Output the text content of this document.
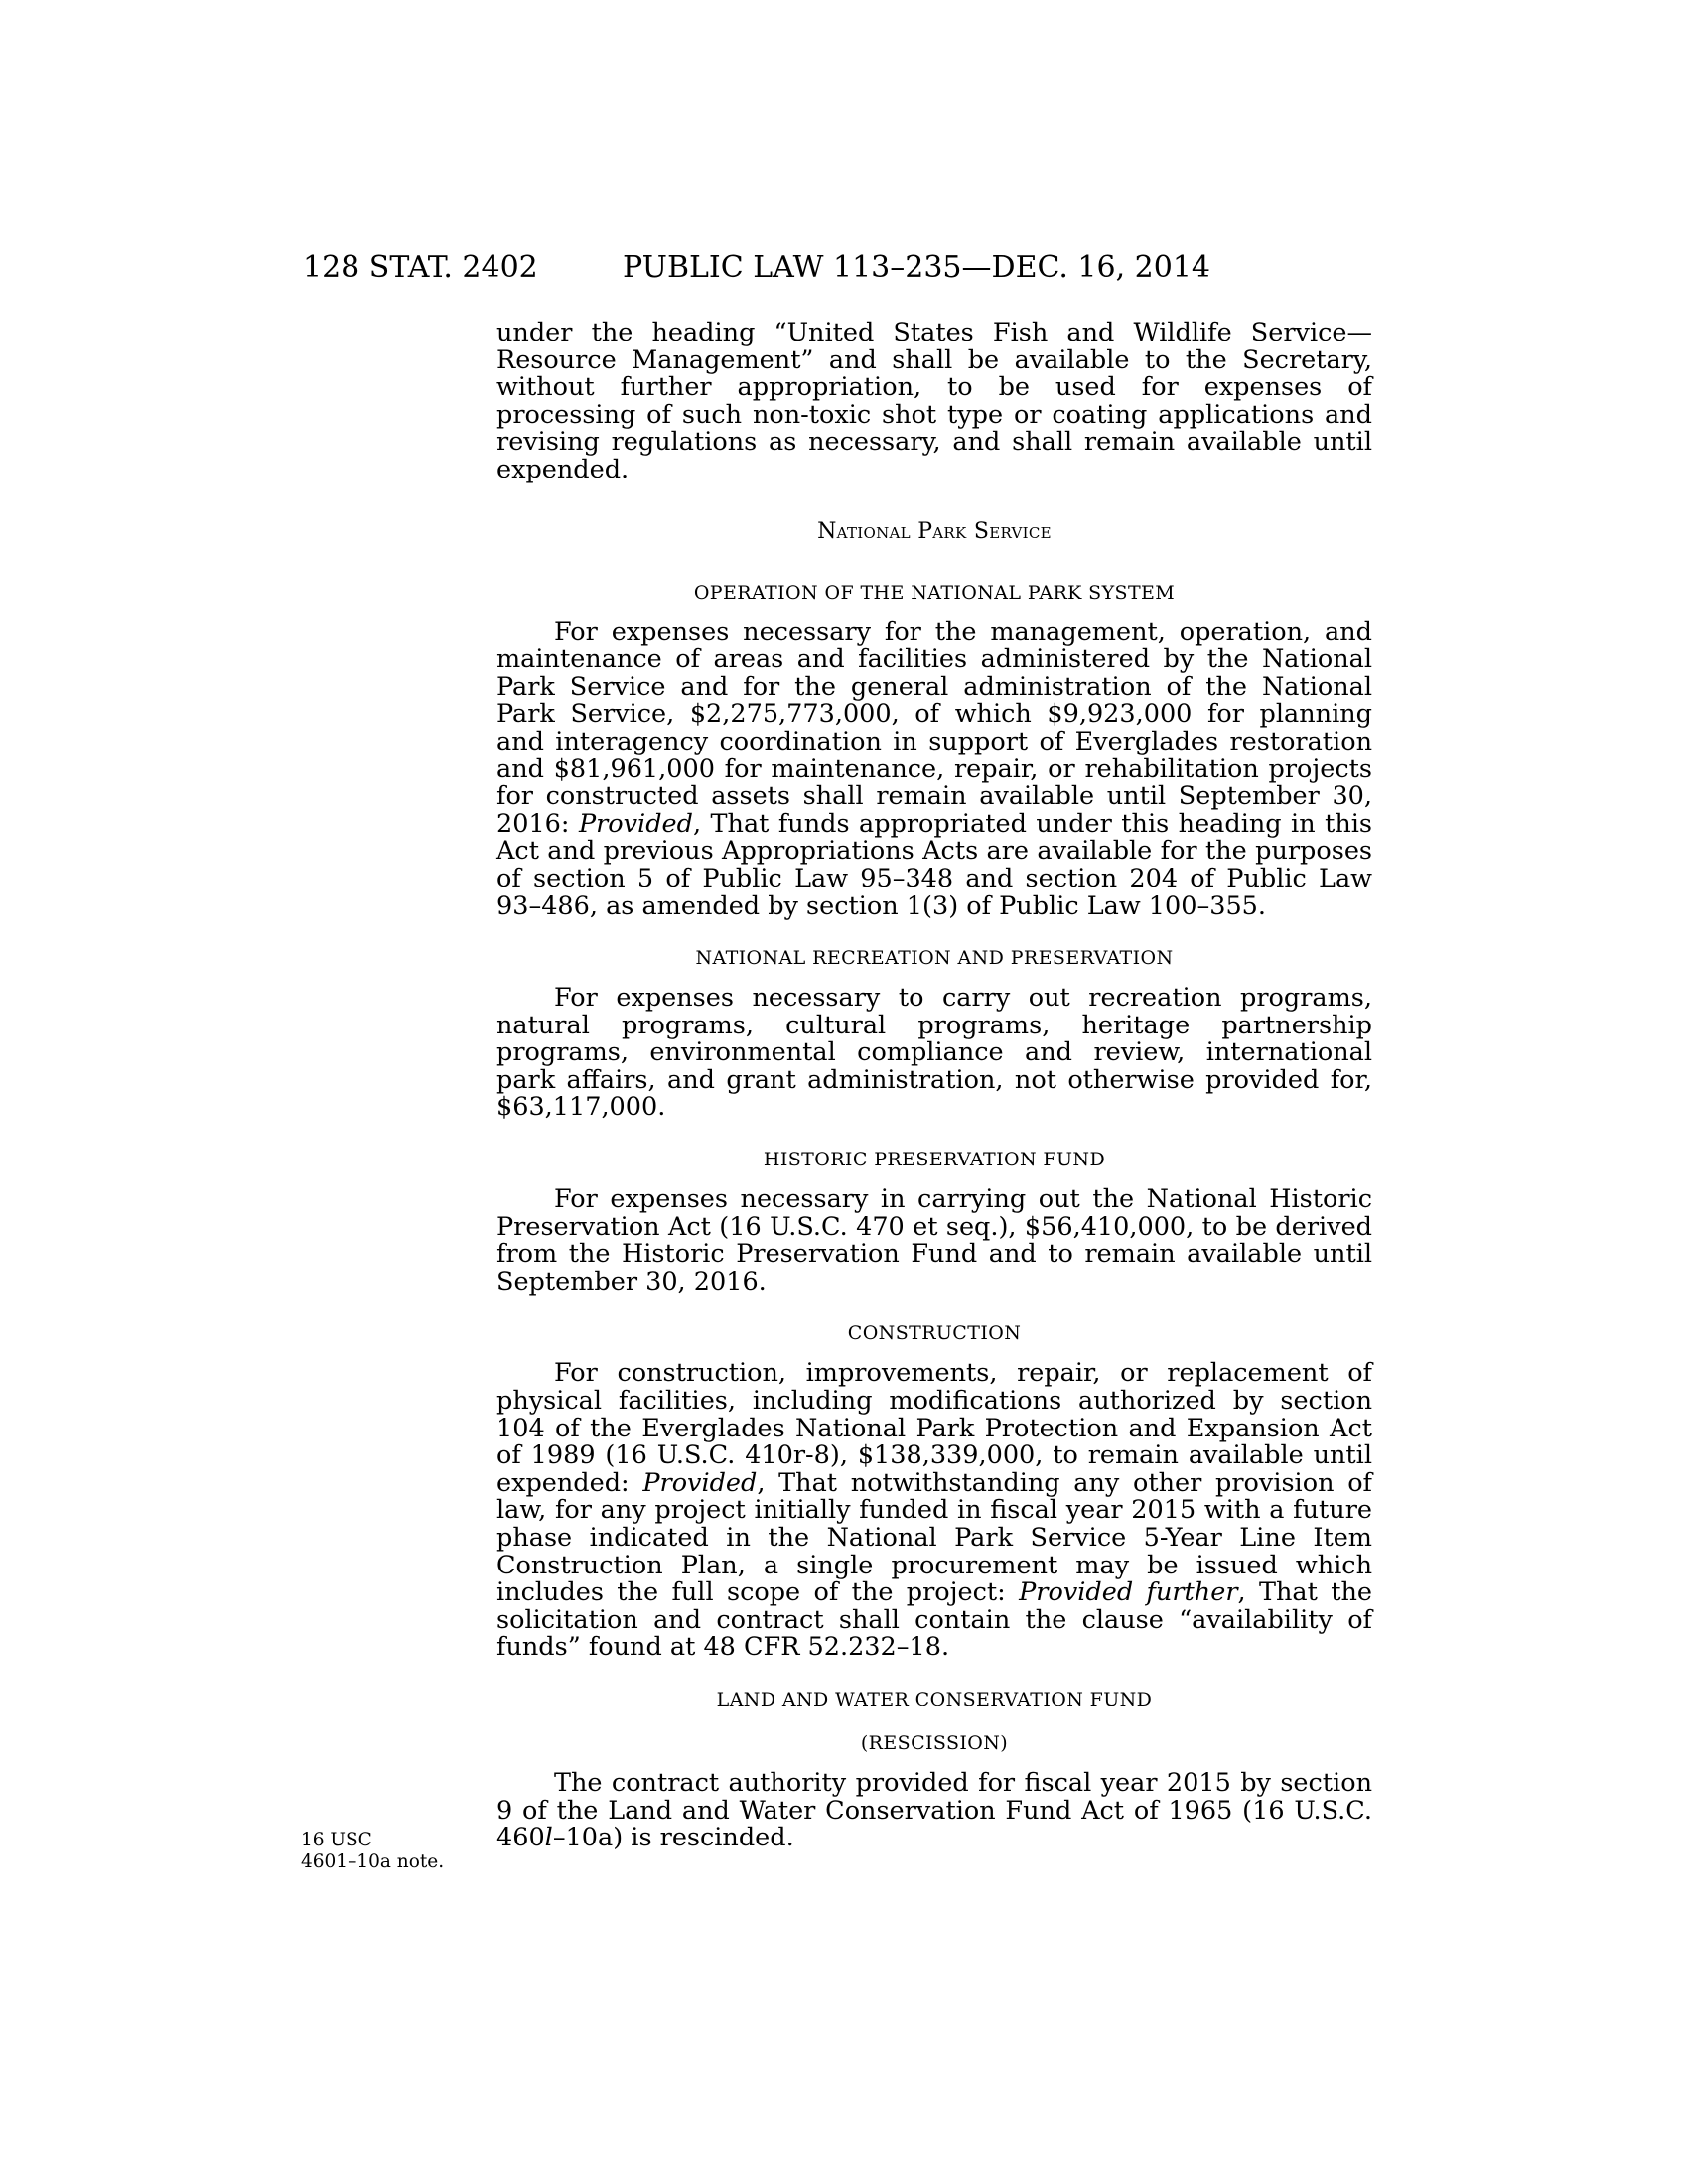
128 STAT. 2402	PUBLIC LAW 113–235—DEC. 16, 2014

under the heading “United States Fish and Wildlife Service— Resource Management” and shall be available to the Secretary, without further appropriation, to be used for expenses of processing of such non-toxic shot type or coating applications and revising regulations as necessary, and shall remain available until expended.

National Park Service
OPERATION OF THE NATIONAL PARK SYSTEM

For expenses necessary for the management, operation, and maintenance of areas and facilities administered by the National Park Service and for the general administration of the National Park Service, $2,275,773,000, of which $9,923,000 for planning and interagency coordination in support of Everglades restoration and $81,961,000 for maintenance, repair, or rehabilitation projects for constructed assets shall remain available until September 30, 2016: Provided, That funds appropriated under this heading in this Act and previous Appropriations Acts are available for the purposes of section 5 of Public Law 95–348 and section 204 of Public Law 93–486, as amended by section 1(3) of Public Law 100–355.

NATIONAL RECREATION AND PRESERVATION

For expenses necessary to carry out recreation programs, natural programs, cultural programs, heritage partnership programs, environmental compliance and review, international park affairs, and grant administration, not otherwise provided for, $63,117,000.

HISTORIC PRESERVATION FUND

For expenses necessary in carrying out the National Historic Preservation Act (16 U.S.C. 470 et seq.), $56,410,000, to be derived from the Historic Preservation Fund and to remain available until September 30, 2016.

CONSTRUCTION

For construction, improvements, repair, or replacement of physical facilities, including modifications authorized by section 104 of the Everglades National Park Protection and Expansion Act of 1989 (16 U.S.C. 410r-8), $138,339,000, to remain available until expended: Provided, That notwithstanding any other provision of law, for any project initially funded in fiscal year 2015 with a future phase indicated in the National Park Service 5-Year Line Item Construction Plan, a single procurement may be issued which includes the full scope of the project: Provided further, That the solicitation and contract shall contain the clause “availability of funds” found at 48 CFR 52.232–18.

LAND AND WATER CONSERVATION FUND
(RESCISSION)

The contract authority provided for fiscal year 2015 by section 9 of the Land and Water Conservation Fund Act of 1965 (16 U.S.C. 460l–10a) is rescinded.

16 USC
4601–10a note.
